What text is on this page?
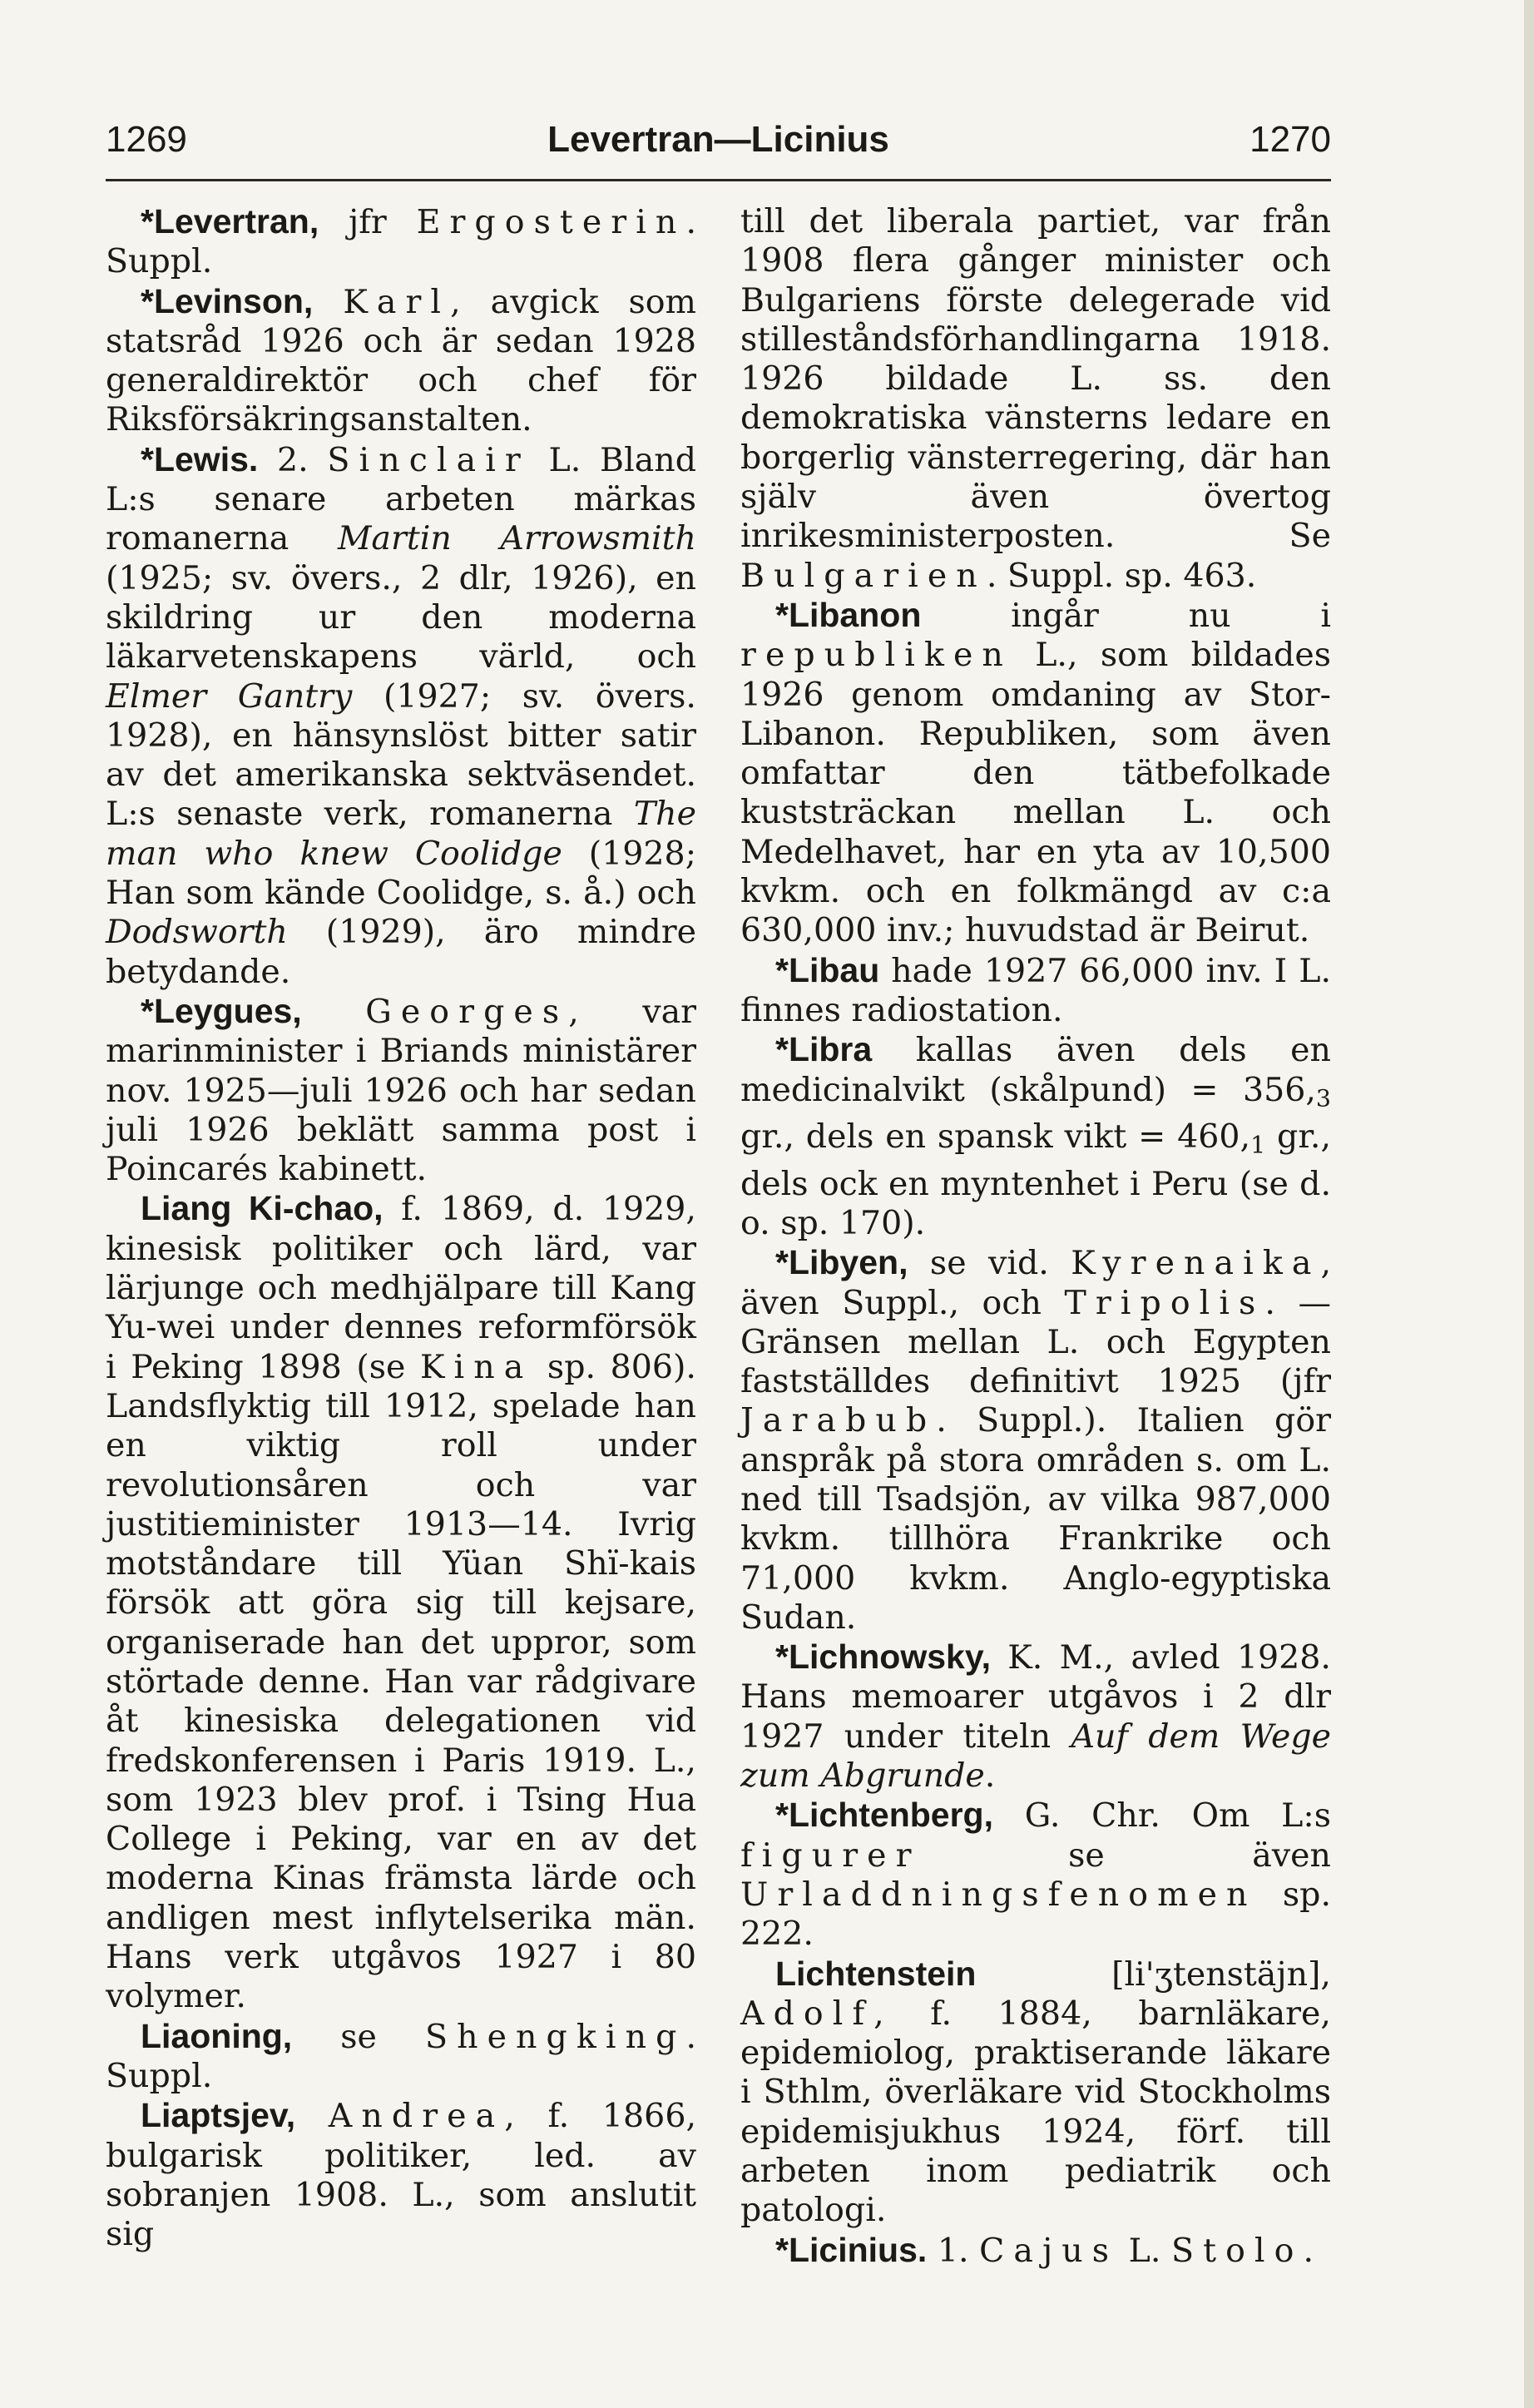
1269	Levertran—Licinius	1270

*Levertran, jfr Ergosterin. Suppl.

*Levinson, Karl, avgick som statsråd 1926 och är sedan 1928 generaldirektör och chef för Riksförsäkringsanstalten.

*Lewis. 2. Sinclair L. Bland L:s senare arbeten märkas romanerna Martin Arrowsmith (1925; sv. övers., 2 dlr, 1926), en skildring ur den moderna läkarvetenskapens värld, och Elmer Gantry (1927; sv. övers. 1928), en hänsynslöst bitter satir av det amerikanska sektväsendet. L:s senaste verk, romanerna The man who knew Coolidge (1928; Han som kände Coolidge, s. å.) och Dodsworth (1929), äro mindre betydande.

*Leygues, Georges, var marinminister i Briands ministärer nov. 1925—juli 1926 och har sedan juli 1926 beklätt samma post i Poincarés kabinett.

Liang Ki-chao, f. 1869, d. 1929, kinesisk politiker och lärd, var lärjunge och medhjälpare till Kang Yu-wei under dennes reformförsök i Peking 1898 (se Kina sp. 806). Landsflyktig till 1912, spelade han en viktig roll under revolutionsåren och var justitieminister 1913—14. Ivrig motståndare till Yüan Shï-kais försök att göra sig till kejsare, organiserade han det uppror, som störtade denne. Han var rådgivare åt kinesiska delegationen vid fredskonferensen i Paris 1919. L., som 1923 blev prof. i Tsing Hua College i Peking, var en av det moderna Kinas främsta lärde och andligen mest inflytelserika män. Hans verk utgåvos 1927 i 80 volymer.

Liaoning, se Shengking. Suppl.

Liaptsjev, Andrea, f. 1866, bulgarisk politiker, led. av sobranjen 1908. L., som anslutit sig

till det liberala partiet, var från 1908 flera gånger minister och Bulgariens förste delegerade vid stilleståndsförhandlingarna 1918. 1926 bildade L. ss. den demokratiska vänsterns ledare en borgerlig vänsterregering, där han själv även övertog inrikesministerposten. Se Bulgarien. Suppl. sp. 463.

*Libanon ingår nu i republiken L., som bildades 1926 genom omdaning av Stor-Libanon. Republiken, som även omfattar den tätbefolkade kuststräckan mellan L. och Medelhavet, har en yta av 10,500 kvkm. och en folkmängd av c:a 630,000 inv.; huvudstad är Beirut.

*Libau hade 1927 66,000 inv. I L. finnes radiostation.

*Libra kallas även dels en medicinalvikt (skålpund) = $356,_3$ gr., dels en spansk vikt = $460,_1$ gr., dels ock en myntenhet i Peru (se d. o. sp. 170).

*Libyen, se vid. Kyrenaika, även Suppl., och Tripolis. — Gränsen mellan L. och Egypten fastställdes definitivt 1925 (jfr Jarabub. Suppl.). Italien gör anspråk på stora områden s. om L. ned till Tsadsjön, av vilka 987,000 kvkm. tillhöra Frankrike och 71,000 kvkm. Anglo-egyptiska Sudan.

*Lichnowsky, K. M., avled 1928. Hans memoarer utgåvos i 2 dlr 1927 under titeln Auf dem Wege zum Abgrunde.

*Lichtenberg, G. Chr. Om L:s figurer se även Urladdningsfenomen sp. 222.

Lichtenstein [li'ʒtenstäjn], Adolf, f. 1884, barnläkare, epidemiolog, praktiserande läkare i Sthlm, överläkare vid Stockholms epidemisjukhus 1924, förf. till arbeten inom pediatrik och patologi.

*Licinius. 1. Cajus L. Stolo.
